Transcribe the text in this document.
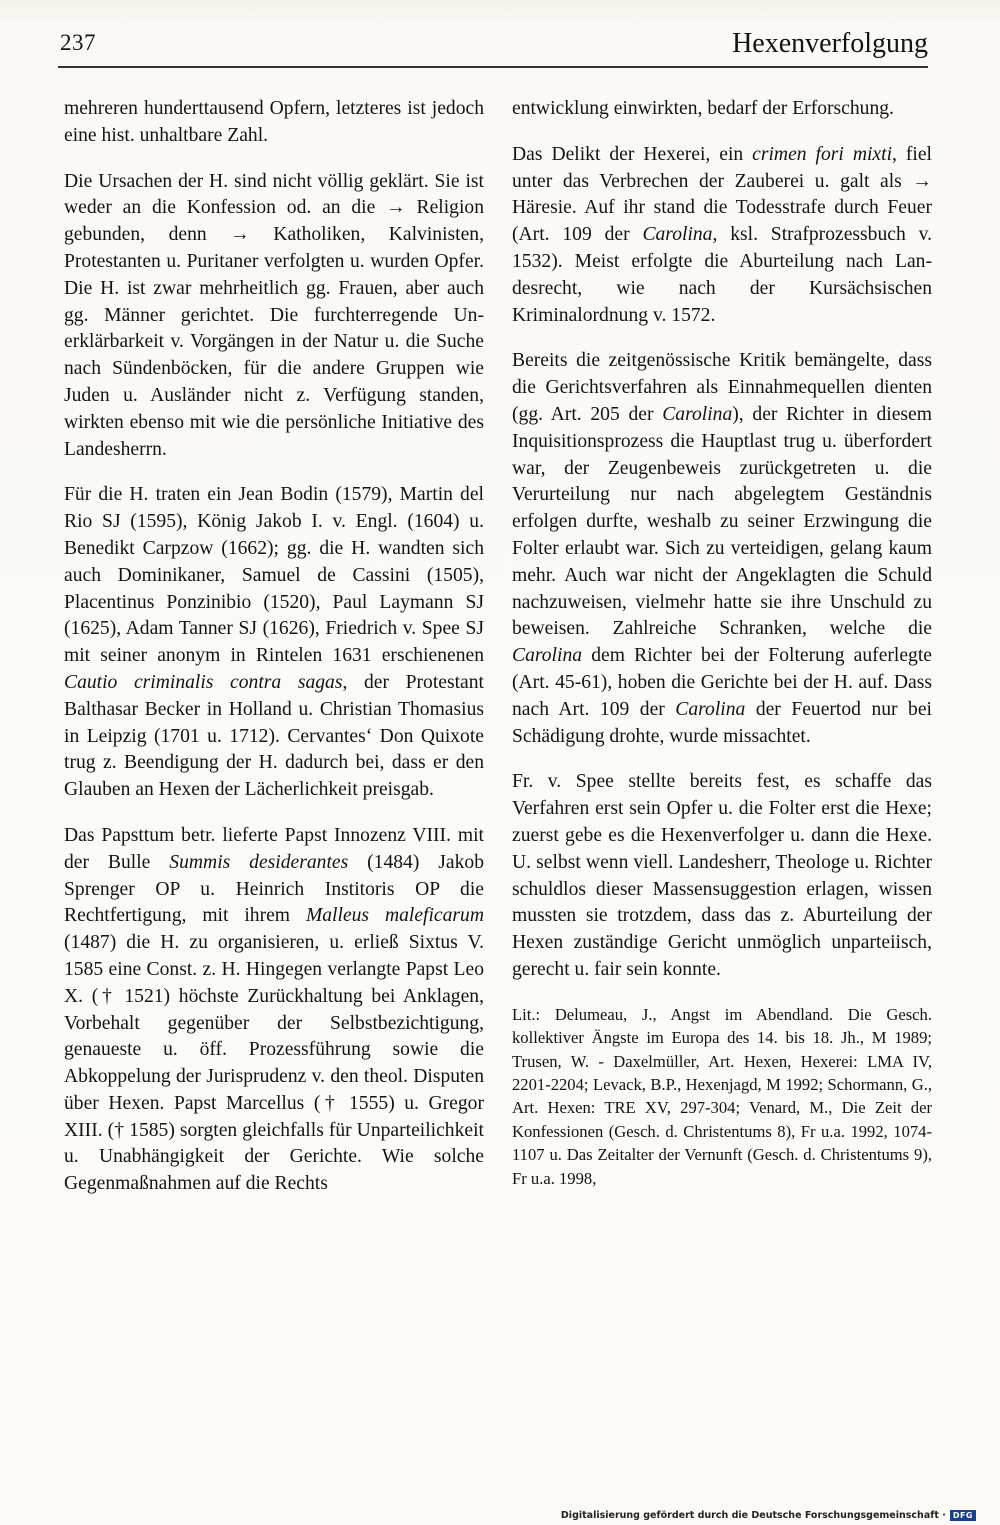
237	Hexenverfolgung

mehreren hunderttausend Opfern, letzteres ist jedoch eine hist. unhaltbare Zahl.

Die Ursachen der H. sind nicht völlig geklärt. Sie ist weder an die Konfession od. an die → Religion gebunden, denn → Katholiken, Kalvinisten, Protestanten u. Puritaner verfolgten u. wurden Opfer. Die H. ist zwar mehrheitlich gg. Frauen, aber auch gg. Männer gerichtet. Die furchterregende Unerklärbarkeit v. Vorgängen in der Natur u. die Suche nach Sündenböcken, für die andere Gruppen wie Juden u. Ausländer nicht z. Verfügung standen, wirkten ebenso mit wie die persönliche Initiative des Landesherrn.

Für die H. traten ein Jean Bodin (1579), Martin del Rio SJ (1595), König Jakob I. v. Engl. (1604) u. Benedikt Carpzow (1662); gg. die H. wandten sich auch Dominikaner, Samuel de Cassini (1505), Placentinus Ponzinibio (1520), Paul Laymann SJ (1625), Adam Tanner SJ (1626), Friedrich v. Spee SJ mit seiner anonym in Rintelen 1631 erschienenen Cautio criminalis contra sagas, der Protestant Balthasar Becker in Holland u. Christian Thomasius in Leipzig (1701 u. 1712). Cervantes‘ Don Quixote trug z. Beendigung der H. dadurch bei, dass er den Glauben an Hexen der Lächerlichkeit preisgab.

Das Papsttum betr. lieferte Papst Innozenz VIII. mit der Bulle Summis desiderantes (1484) Jakob Sprenger OP u. Heinrich Institoris OP die Rechtfertigung, mit ihrem Malleus maleficarum (1487) die H. zu organisieren, u. erließ Sixtus V. 1585 eine Const. z. H. Hingegen verlangte Papst Leo X. († 1521) höchste Zurückhaltung bei Anklagen, Vorbehalt gegenüber der Selbstbezichtigung, genaueste u. öff. Prozessführung sowie die Abkoppelung der Jurisprudenz v. den theol. Disputen über Hexen. Papst Marcellus († 1555) u. Gregor XIII. († 1585) sorgten gleichfalls für Unparteilichkeit u. Unabhängigkeit der Gerichte. Wie solche Gegenmaßnahmen auf die Rechts

entwicklung einwirkten, bedarf der Erforschung.

Das Delikt der Hexerei, ein crimen fori mixti, fiel unter das Verbrechen der Zauberei u. galt als → Häresie. Auf ihr stand die Todesstrafe durch Feuer (Art. 109 der Carolina, ksl. Strafprozessbuch v. 1532). Meist erfolgte die Aburteilung nach Landesrecht, wie nach der Kursächsischen Kriminalordnung v. 1572.

Bereits die zeitgenössische Kritik bemängelte, dass die Gerichtsverfahren als Einnahmequellen dienten (gg. Art. 205 der Carolina), der Richter in diesem Inquisitionsprozess die Hauptlast trug u. überfordert war, der Zeugenbeweis zurückgetreten u. die Verurteilung nur nach abgelegtem Geständnis erfolgen durfte, weshalb zu seiner Erzwingung die Folter erlaubt war. Sich zu verteidigen, gelang kaum mehr. Auch war nicht der Angeklagten die Schuld nachzuweisen, vielmehr hatte sie ihre Unschuld zu beweisen. Zahlreiche Schranken, welche die Carolina dem Richter bei der Folterung auferlegte (Art. 45-61), hoben die Gerichte bei der H. auf. Dass nach Art. 109 der Carolina der Feuertod nur bei Schädigung drohte, wurde missachtet.

Fr. v. Spee stellte bereits fest, es schaffe das Verfahren erst sein Opfer u. die Folter erst die Hexe; zuerst gebe es die Hexenverfolger u. dann die Hexe. U. selbst wenn viell. Landesherr, Theologe u. Richter schuldlos dieser Massensuggestion erlagen, wissen mussten sie trotzdem, dass das z. Aburteilung der Hexen zuständige Gericht unmöglich unparteiisch, gerecht u. fair sein konnte.

Lit.: Delumeau, J., Angst im Abendland. Die Gesch. kollektiver Ängste im Europa des 14. bis 18. Jh., M 1989; Trusen, W. - Daxelmüller, Art. Hexen, Hexerei: LMA IV, 2201-2204; Levack, B.P., Hexenjagd, M 1992; Schormann, G., Art. Hexen: TRE XV, 297-304; Venard, M., Die Zeit der Konfessionen (Gesch. d. Christentums 8), Fr u.a. 1992, 1074-1107 u. Das Zeitalter der Vernunft (Gesch. d. Christentums 9), Fr u.a. 1998,

Digitalisierung gefördert durch die Deutsche Forschungsgemeinschaft · DFG
